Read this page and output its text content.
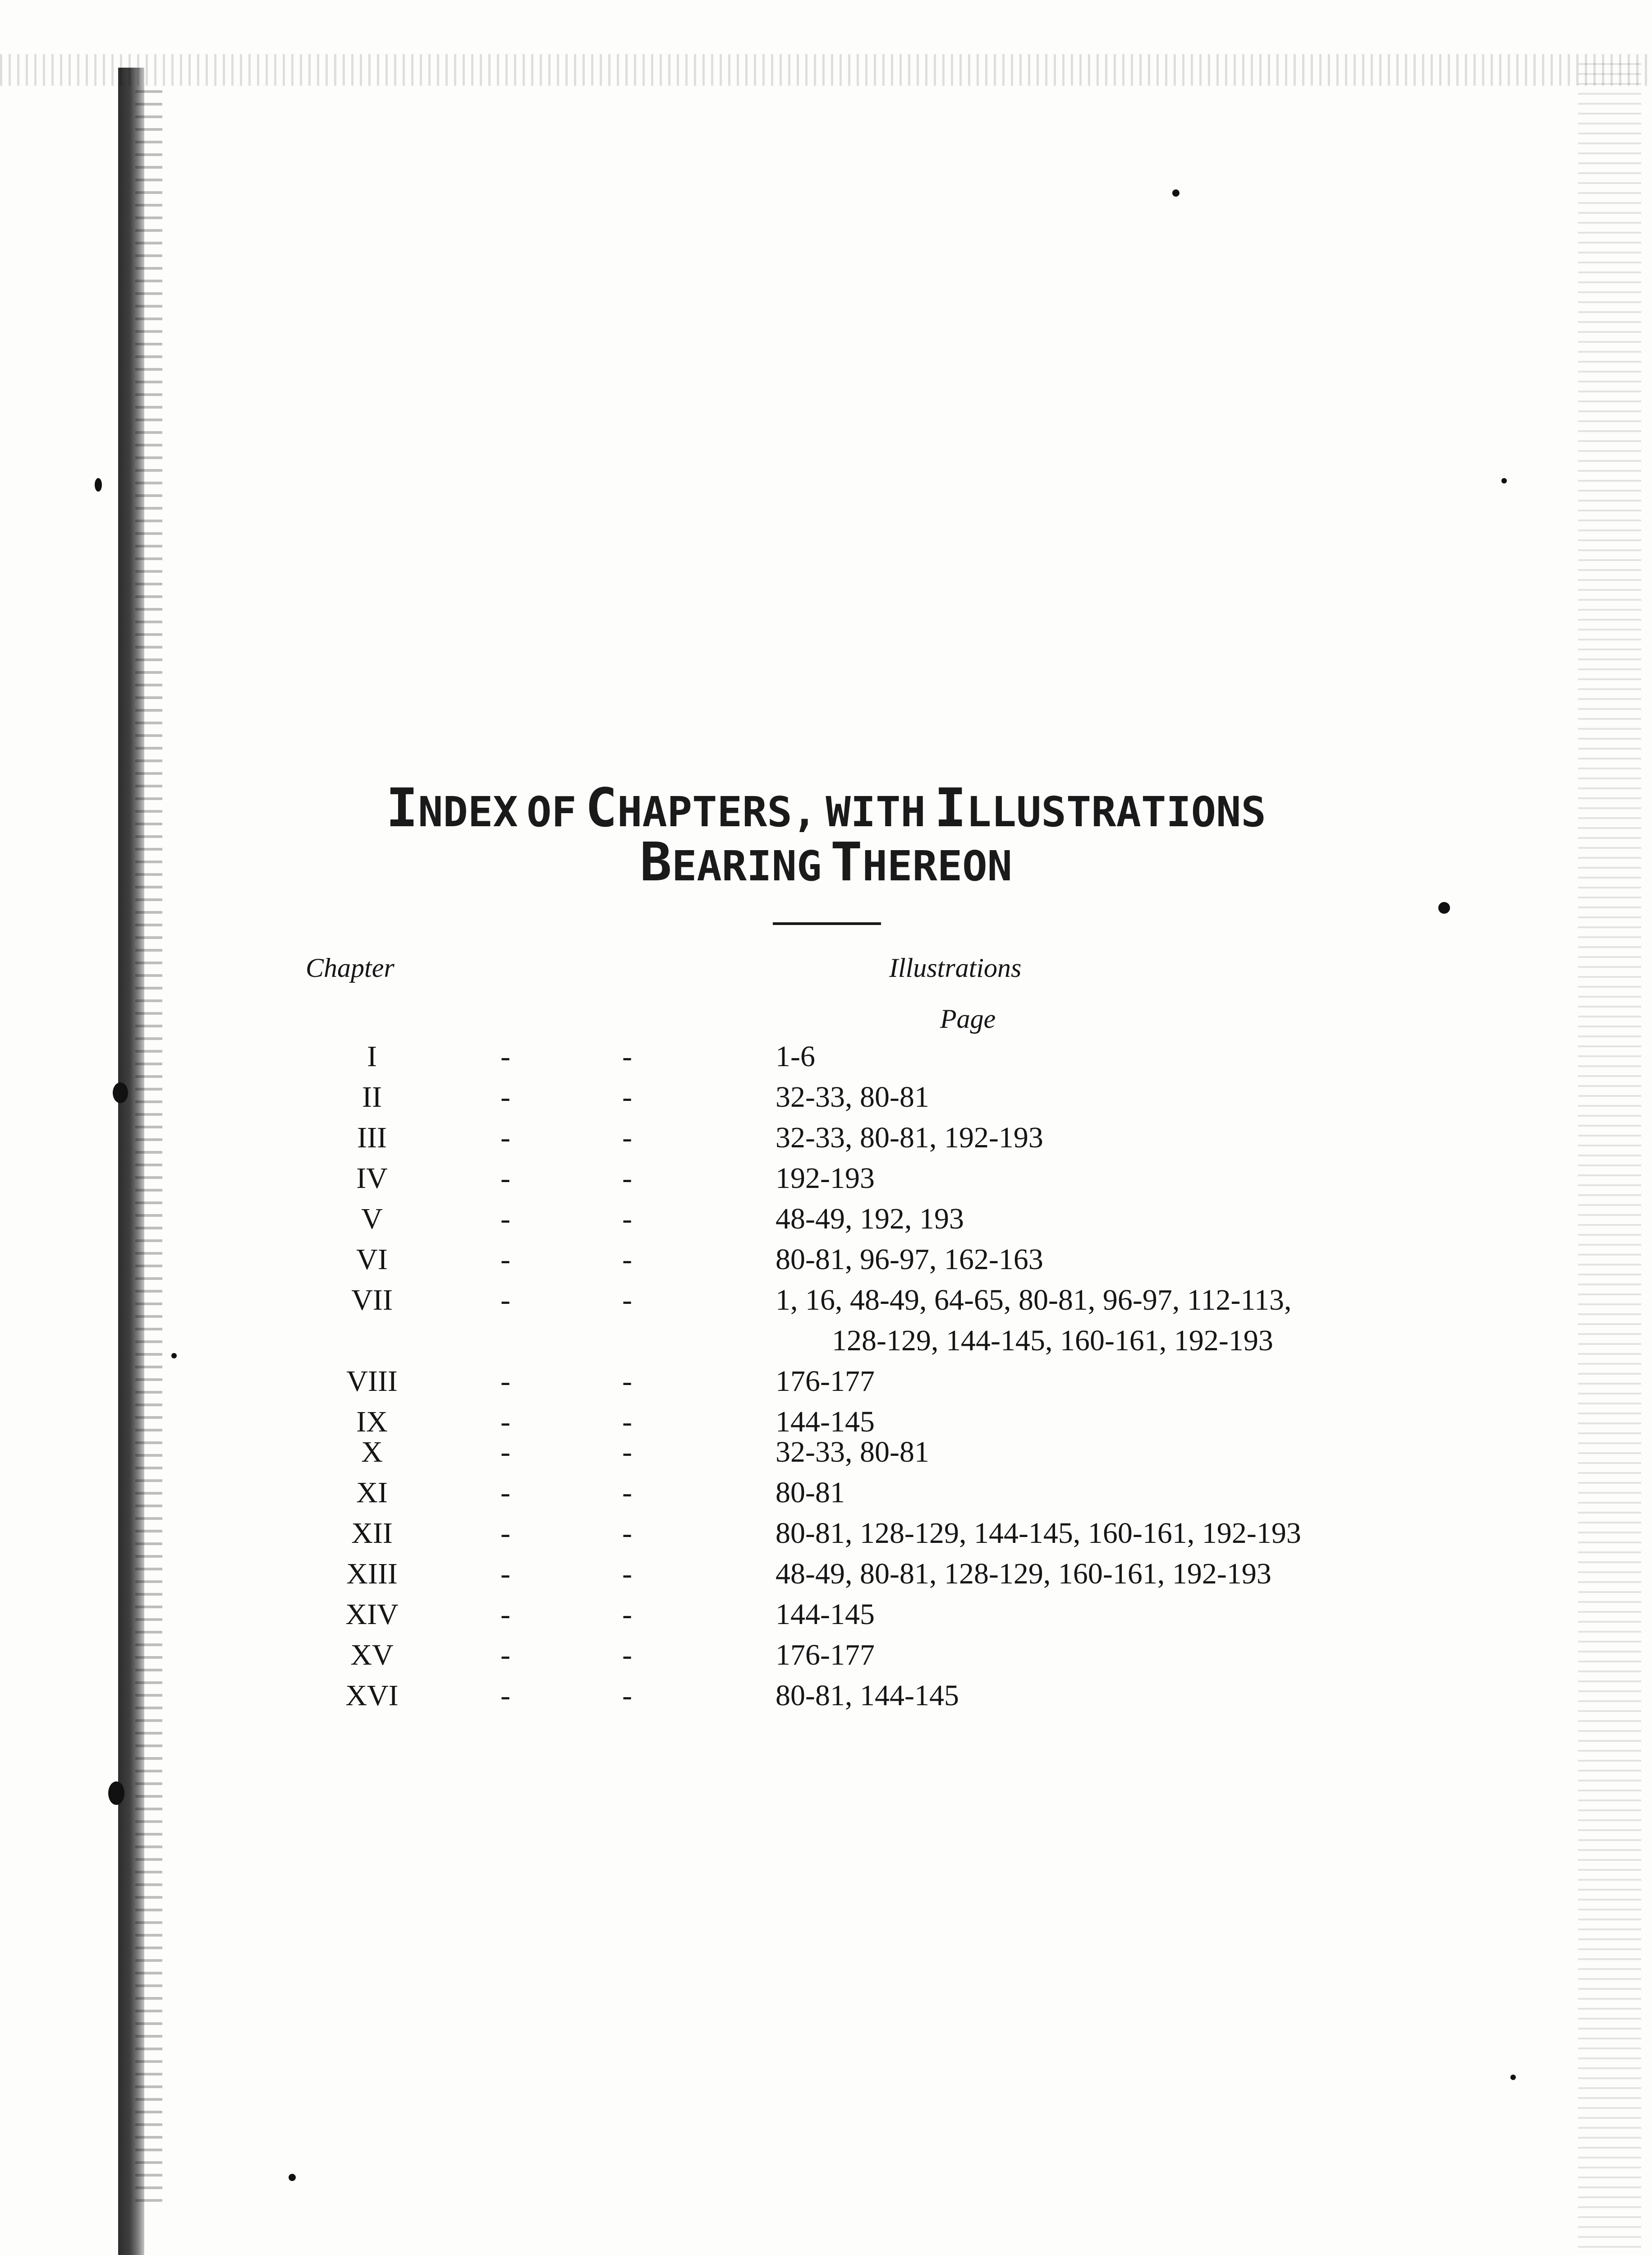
INDEX OF CHAPTERS, WITH ILLUSTRATIONS
BEARING THEREON
Chapter	Illustrations
Page
I	-	-	1-6
II	-	-	32-33, 80-81
III	-	-	32-33, 80-81, 192-193
IV	-	-	192-193
V	-	-	48-49, 192, 193
VI	-	-	80-81, 96-97, 162-163
VII	-	-	1, 16, 48-49, 64-65, 80-81, 96-97, 112-113,
128-129, 144-145, 160-161, 192-193
VIII	-	-	176-177
IX	-	-	144-145
X	-	-	32-33, 80-81
XI	-	-	80-81
XII	-	-	80-81, 128-129, 144-145, 160-161, 192-193
XIII	-	-	48-49, 80-81, 128-129, 160-161, 192-193
XIV	-	-	144-145
XV	-	-	176-177
XVI	-	-	80-81, 144-145
